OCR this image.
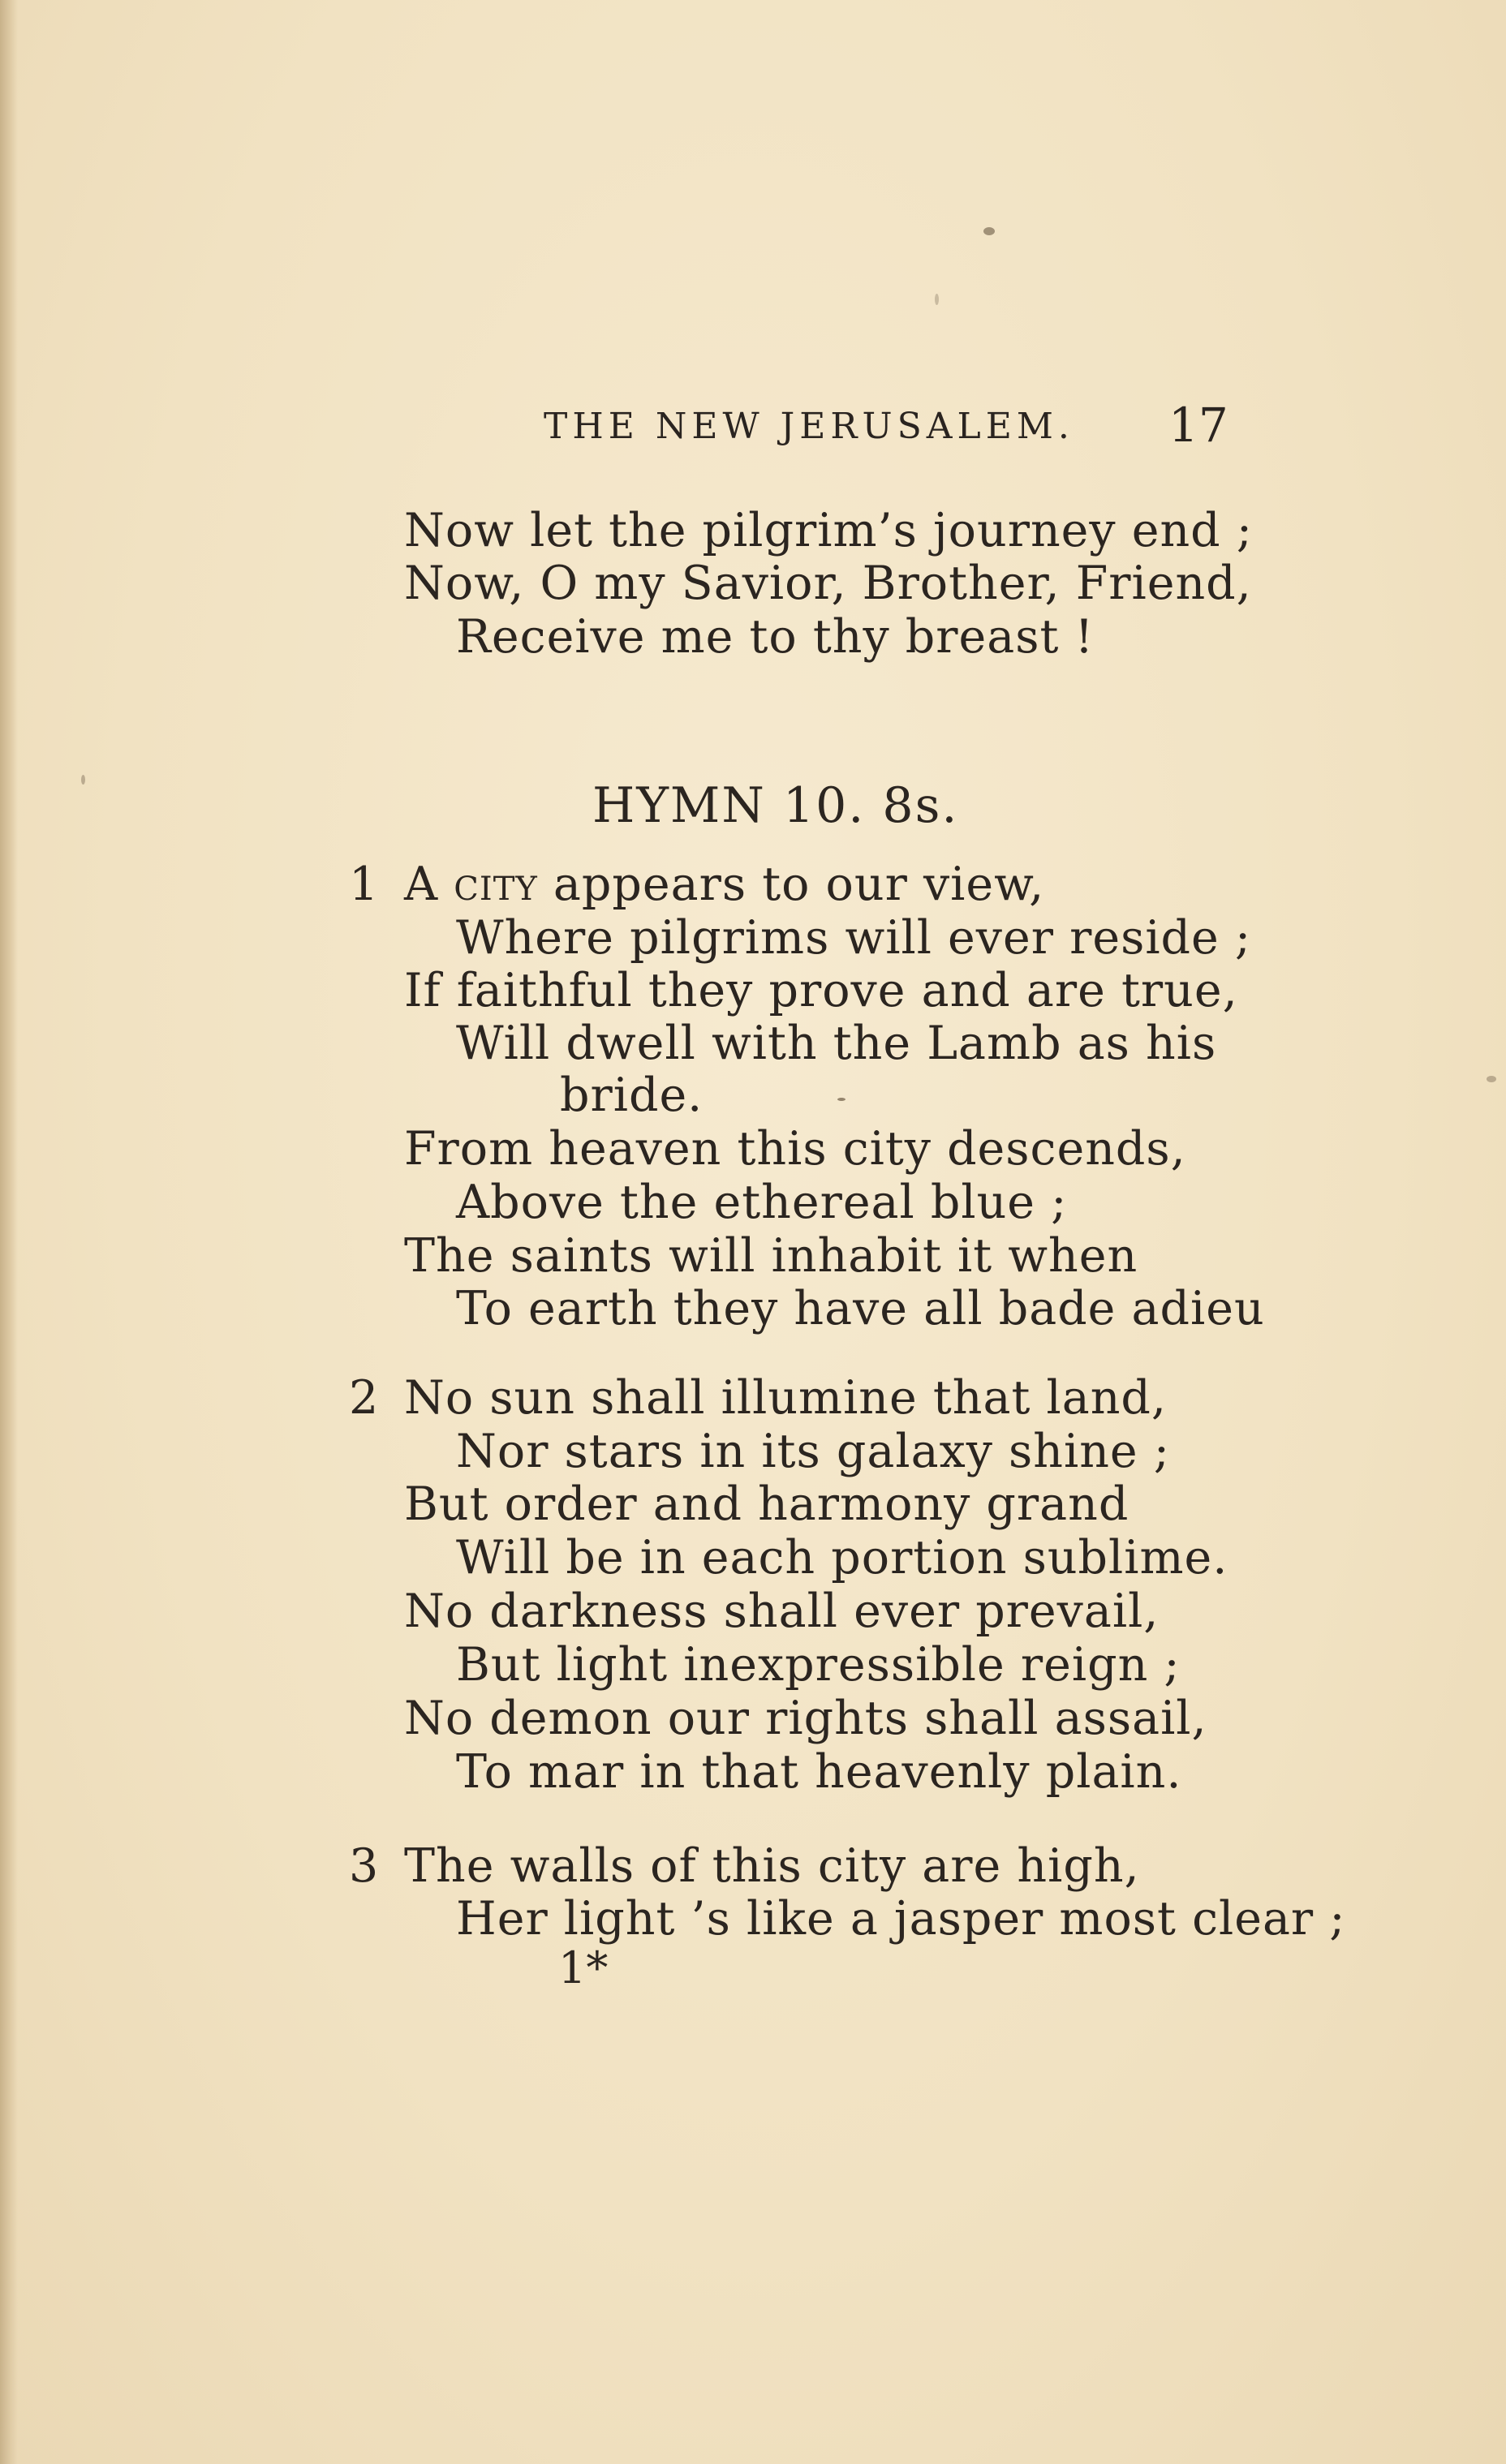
THE NEW JERUSALEM. 17
Now let the pilgrim’s journey end ;
Now, O my Savior, Brother, Friend,
Receive me to thy breast !
HYMN 10. 8s.
1 A city appears to our view,
Where pilgrims will ever reside ;
If faithful they prove and are true,
Will dwell with the Lamb as his
bride.
From heaven this city descends,
Above the ethereal blue ;
The saints will inhabit it when
To earth they have all bade adieu
2 No sun shall illumine that land,
Nor stars in its galaxy shine ;
But order and harmony grand
Will be in each portion sublime.
No darkness shall ever prevail,
But light inexpressible reign ;
No demon our rights shall assail,
To mar in that heavenly plain.
3 The walls of this city are high,
Her light ’s like a jasper most clear ;
1*
